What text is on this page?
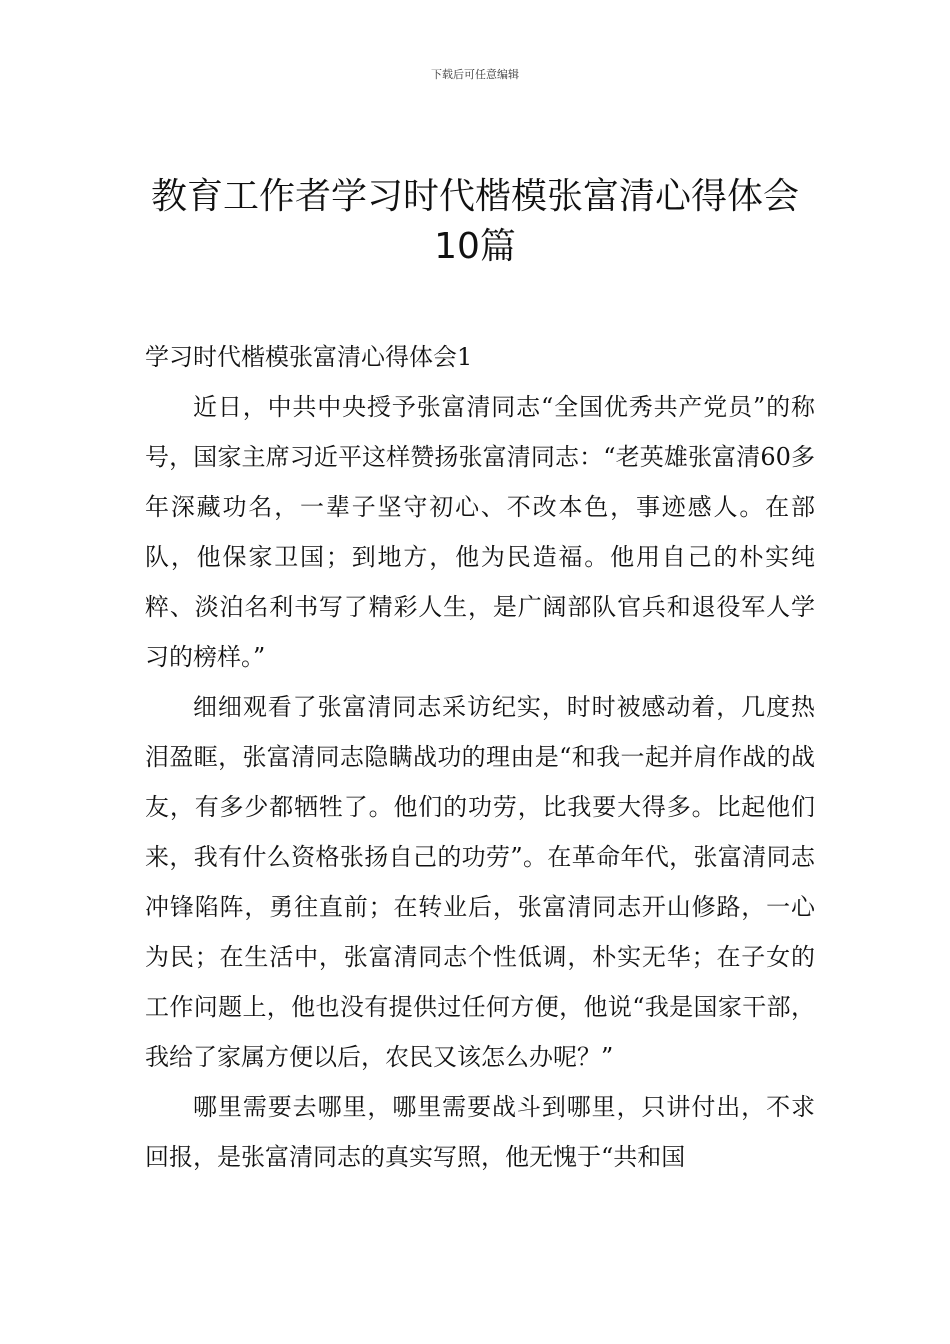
下载后可任意编辑
教育工作者学习时代楷模张富清心得体会
10篇
学习时代楷模张富清心得体会1

近日，中共中央授予张富清同志“全国优秀共产党员”的称号，国家主席习近平这样赞扬张富清同志：“老英雄张富清60多年深藏功名，一辈子坚守初心、不改本色，事迹感人。在部队，他保家卫国；到地方，他为民造福。他用自己的朴实纯粹、淡泊名利书写了精彩人生，是广阔部队官兵和退役军人学习的榜样。”

细细观看了张富清同志采访纪实，时时被感动着，几度热泪盈眶，张富清同志隐瞒战功的理由是“和我一起并肩作战的战友，有多少都牺牲了。他们的功劳，比我要大得多。比起他们来，我有什么资格张扬自己的功劳”。在革命年代，张富清同志冲锋陷阵，勇往直前；在转业后，张富清同志开山修路，一心为民；在生活中，张富清同志个性低调，朴实无华；在子女的工作问题上，他也没有提供过任何方便，他说“我是国家干部，我给了家属方便以后，农民又该怎么办呢？”

哪里需要去哪里，哪里需要战斗到哪里，只讲付出，不求回报，是张富清同志的真实写照，他无愧于“共和国
